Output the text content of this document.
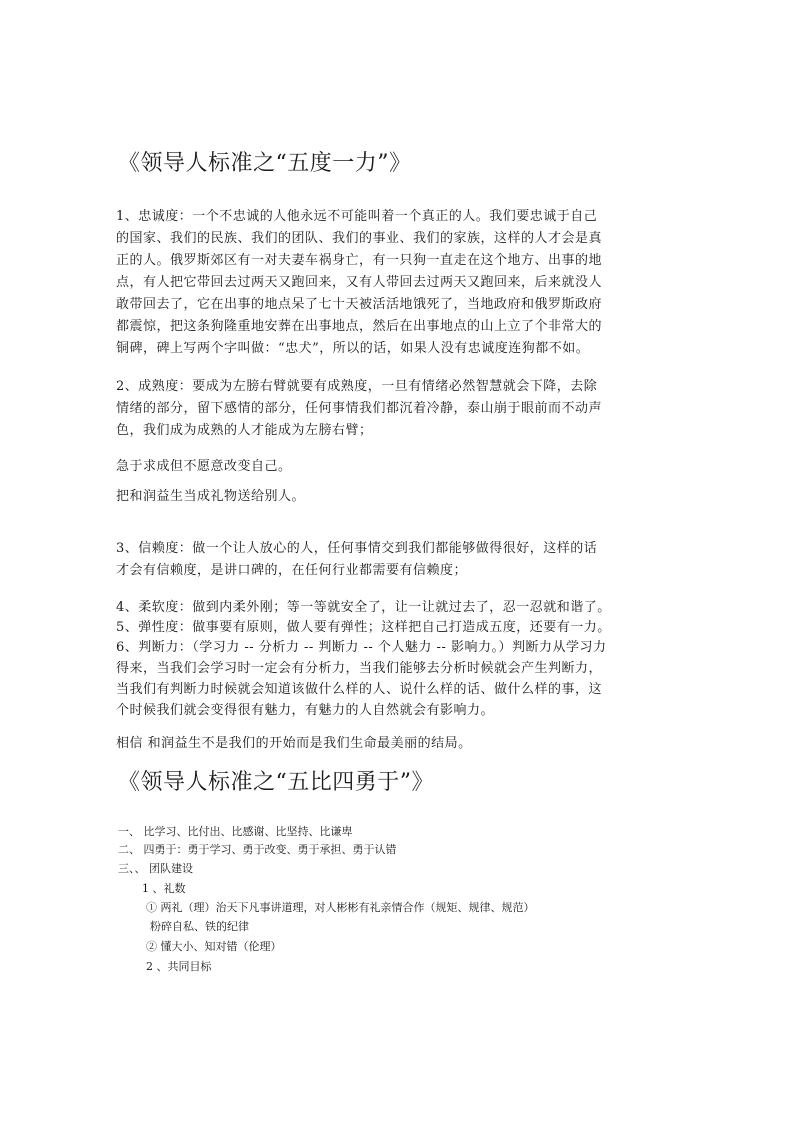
《领导人标准之“五度一力”》
1、忠诚度：一个不忠诚的人他永远不可能叫着一个真正的人。我们要忠诚于自己
的国家、我们的民族、我们的团队、我们的事业、我们的家族，这样的人才会是真
正的人。俄罗斯郊区有一对夫妻车祸身亡，有一只狗一直走在这个地方、出事的地
点，有人把它带回去过两天又跑回来，又有人带回去过两天又跑回来，后来就没人
敢带回去了，它在出事的地点呆了七十天被活活地饿死了，当地政府和俄罗斯政府
都震惊，把这条狗隆重地安葬在出事地点，然后在出事地点的山上立了个非常大的
铜碑，碑上写两个字叫做：“忠犬”，所以的话，如果人没有忠诚度连狗都不如。
2、成熟度：要成为左膀右臂就要有成熟度，一旦有情绪必然智慧就会下降，去除
情绪的部分，留下感情的部分，任何事情我们都沉着冷静，泰山崩于眼前而不动声
色，我们成为成熟的人才能成为左膀右臂；
急于求成但不愿意改变自己。
把和润益生当成礼物送给别人。
3、信赖度：做一个让人放心的人，任何事情交到我们都能够做得很好，这样的话
才会有信赖度，是讲口碑的，在任何行业都需要有信赖度；
4、柔软度：做到内柔外刚；等一等就安全了，让一让就过去了，忍一忍就和谐了。
5、弹性度：做事要有原则，做人要有弹性；这样把自己打造成五度，还要有一力。
6、判断力：（学习力 -- 分析力 -- 判断力 -- 个人魅力 -- 影响力。）判断力从学习力
得来，当我们会学习时一定会有分析力，当我们能够去分析时候就会产生判断力，
当我们有判断力时候就会知道该做什么样的人、说什么样的话、做什么样的事，这
个时候我们就会变得很有魅力，有魅力的人自然就会有影响力。
相信 和润益生不是我们的开始而是我们生命最美丽的结局。
《领导人标准之“五比四勇于”》
一、 比学习、比付出、比感谢、比坚持、比谦卑
二、 四勇于：勇于学习、勇于改变、勇于承担、勇于认错
三、、 团队建设
1 、礼数
① 两礼（理）治天下凡事讲道理，对人彬彬有礼亲情合作（规矩、规律、规范）
粉碎自私、铁的纪律
② 懂大小、知对错（伦理）
2 、共同目标
